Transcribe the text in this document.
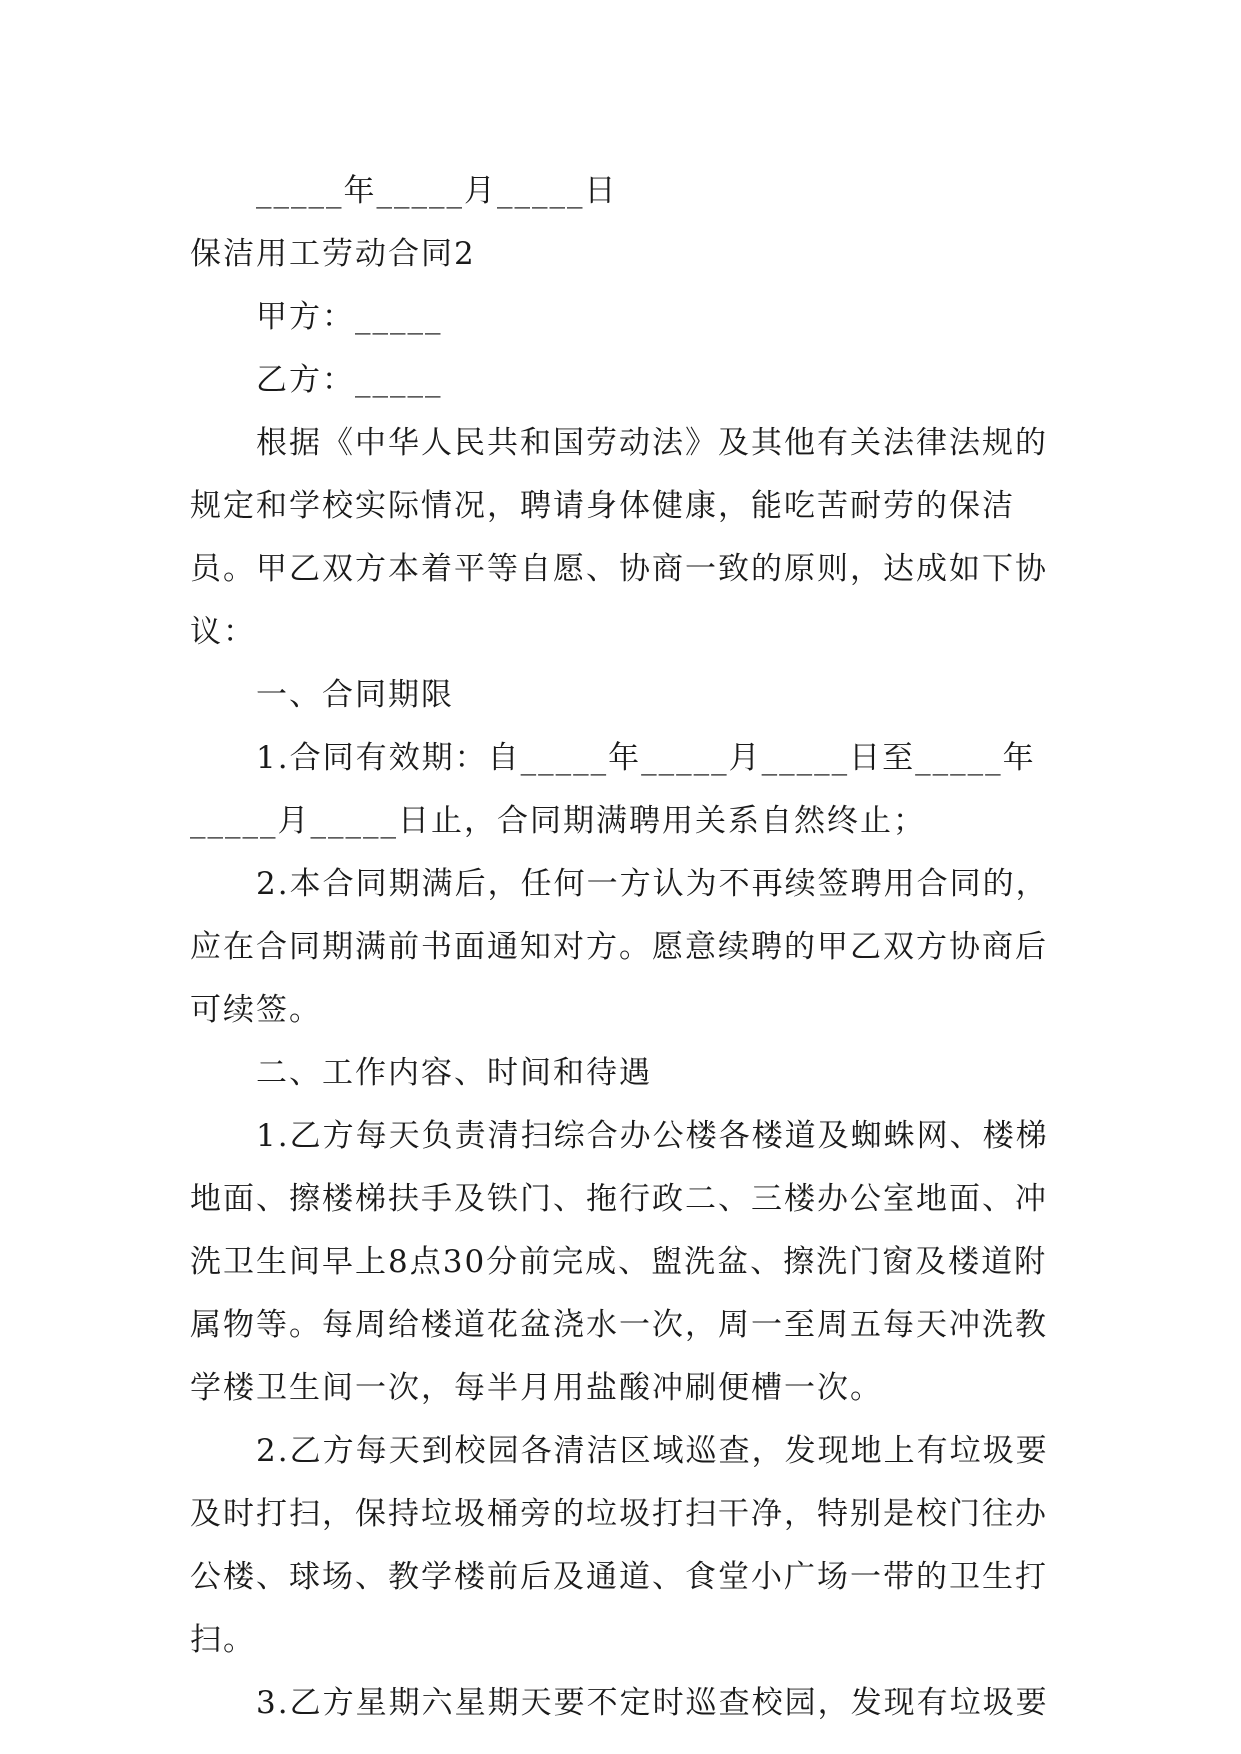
_____年_____月_____日

保洁用工劳动合同2

甲方：_____

乙方：_____

根据《中华人民共和国劳动法》及其他有关法律法规的规定和学校实际情况，聘请身体健康，能吃苦耐劳的保洁员。甲乙双方本着平等自愿、协商一致的原则，达成如下协议：

一、合同期限

1.合同有效期：自_____年_____月_____日至_____年_____月_____日止，合同期满聘用关系自然终止；

2.本合同期满后，任何一方认为不再续签聘用合同的，应在合同期满前书面通知对方。愿意续聘的甲乙双方协商后可续签。

二、工作内容、时间和待遇

1.乙方每天负责清扫综合办公楼各楼道及蜘蛛网、楼梯地面、擦楼梯扶手及铁门、拖行政二、三楼办公室地面、冲洗卫生间早上8点30分前完成、盥洗盆、擦洗门窗及楼道附属物等。每周给楼道花盆浇水一次，周一至周五每天冲洗教学楼卫生间一次，每半月用盐酸冲刷便槽一次。

2.乙方每天到校园各清洁区域巡查，发现地上有垃圾要及时打扫，保持垃圾桶旁的垃圾打扫干净，特别是校门往办公楼、球场、教学楼前后及通道、食堂小广场一带的卫生打扫。

3.乙方星期六星期天要不定时巡查校园，发现有垃圾要
